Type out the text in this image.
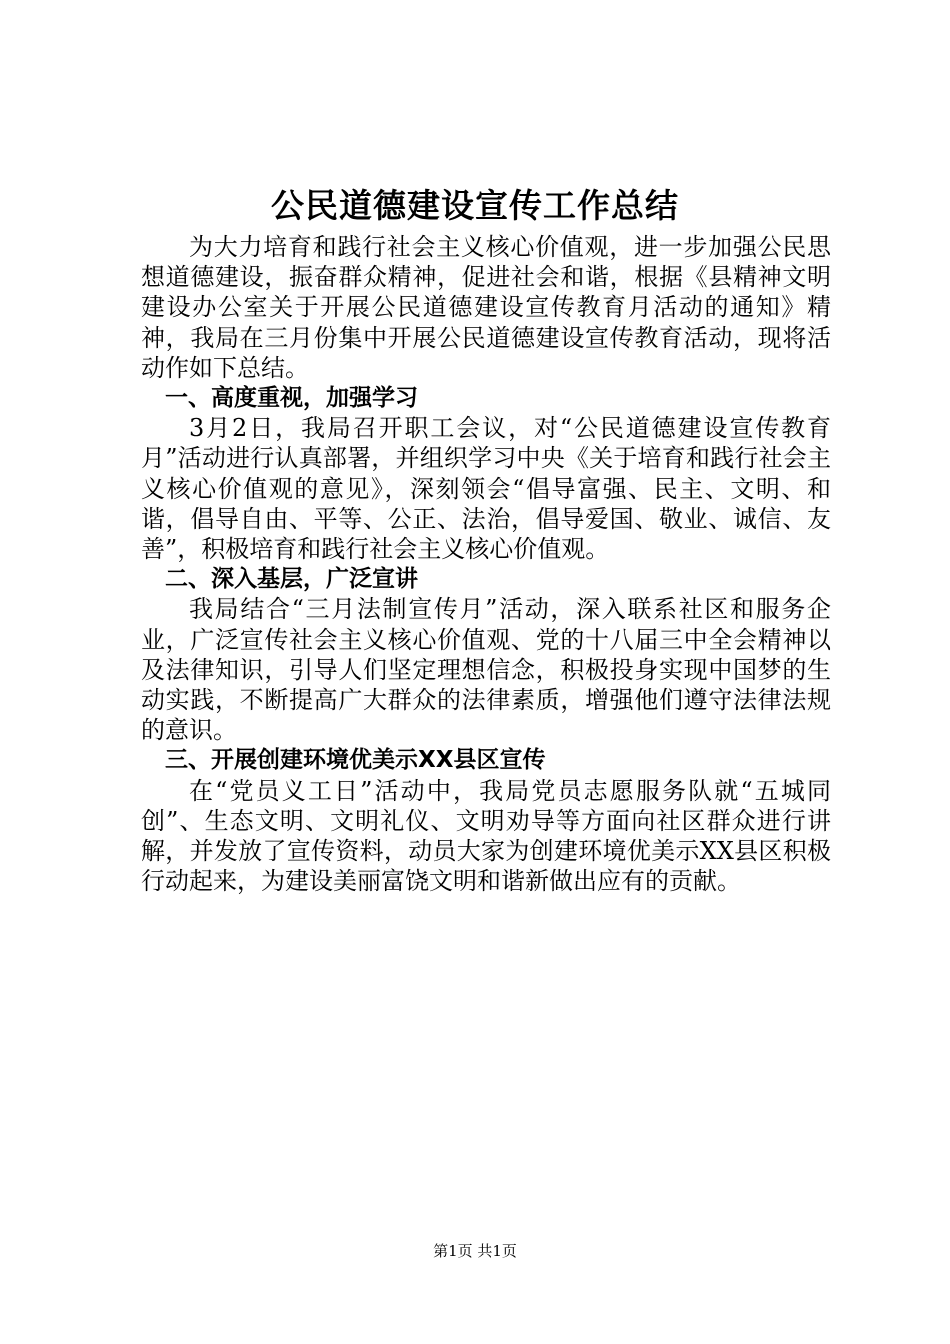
公民道德建设宣传工作总结

为大力培育和践行社会主义核心价值观，进一步加强公民思想道德建设，振奋群众精神，促进社会和谐，根据《县精神文明建设办公室关于开展公民道德建设宣传教育月活动的通知》精神，我局在三月份集中开展公民道德建设宣传教育活动，现将活动作如下总结。

一、高度重视，加强学习

3月2日，我局召开职工会议，对“公民道德建设宣传教育月”活动进行认真部署，并组织学习中央《关于培育和践行社会主义核心价值观的意见》，深刻领会“倡导富强、民主、文明、和谐，倡导自由、平等、公正、法治，倡导爱国、敬业、诚信、友善”，积极培育和践行社会主义核心价值观。

二、深入基层，广泛宣讲

我局结合“三月法制宣传月”活动，深入联系社区和服务企业，广泛宣传社会主义核心价值观、党的十八届三中全会精神以及法律知识，引导人们坚定理想信念，积极投身实现中国梦的生动实践，不断提高广大群众的法律素质，增强他们遵守法律法规的意识。

三、开展创建环境优美示XX县区宣传

在“党员义工日”活动中，我局党员志愿服务队就“五城同创”、生态文明、文明礼仪、文明劝导等方面向社区群众进行讲解，并发放了宣传资料，动员大家为创建环境优美示XX县区积极行动起来，为建设美丽富饶文明和谐新做出应有的贡献。

第1页 共1页
